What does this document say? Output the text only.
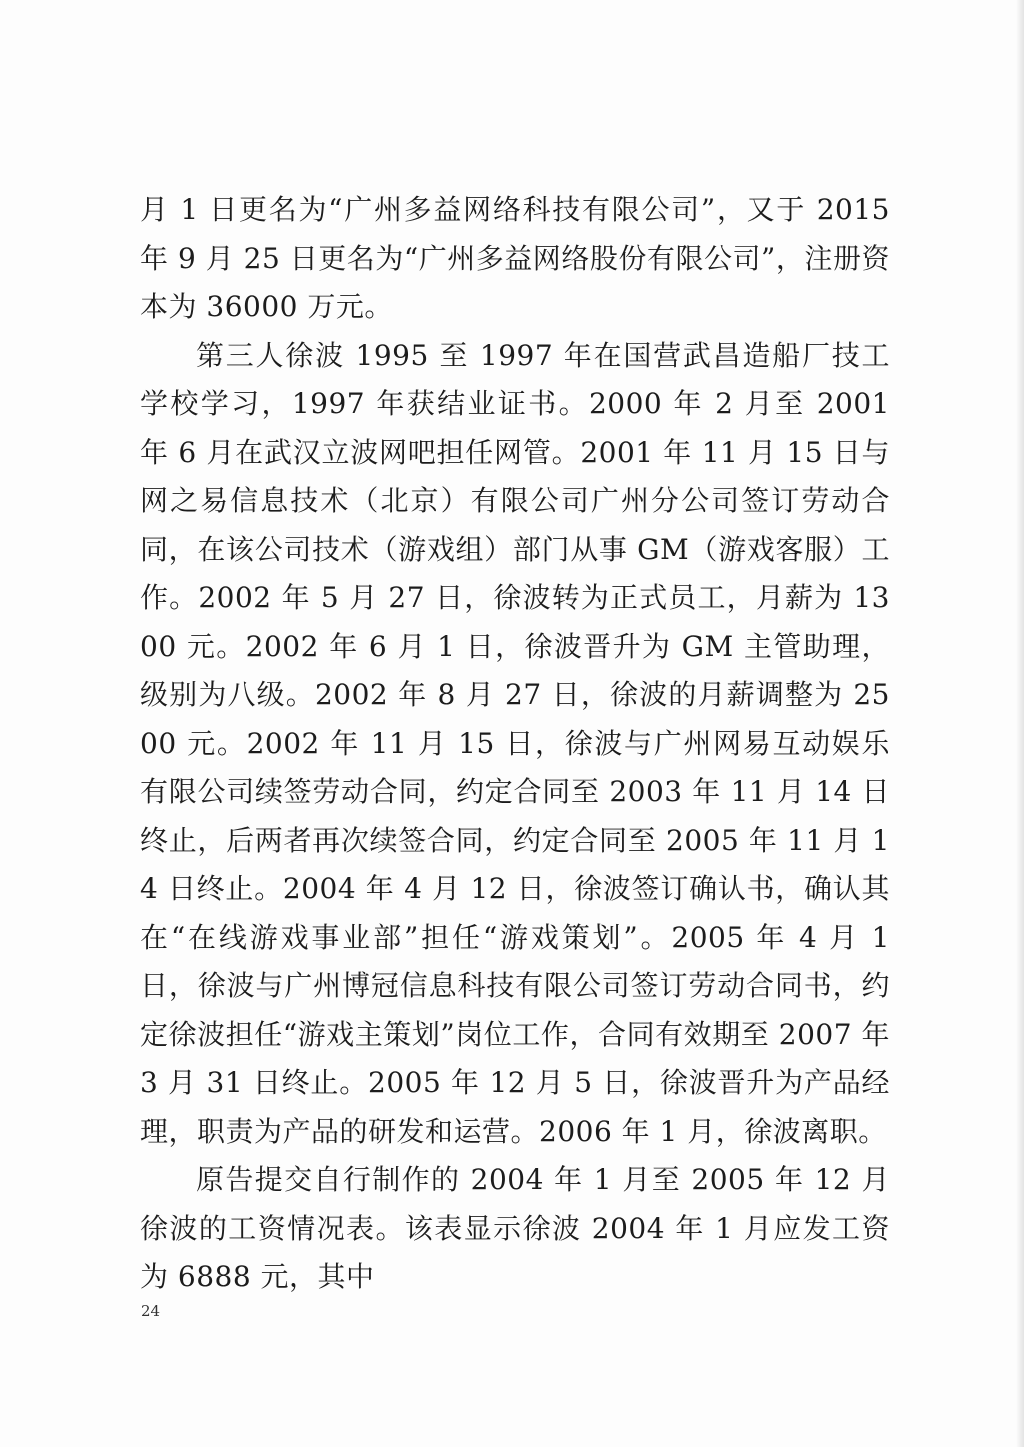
月 1 日更名为“广州多益网络科技有限公司”，又于 2015 年 9 月 25 日更名为“广州多益网络股份有限公司”，注册资本为 36000 万元。

第三人徐波 1995 至 1997 年在国营武昌造船厂技工学校学习，1997 年获结业证书。2000 年 2 月至 2001 年 6 月在武汉立波网吧担任网管。2001 年 11 月 15 日与网之易信息技术（北京）有限公司广州分公司签订劳动合同，在该公司技术（游戏组）部门从事 GM（游戏客服）工作。2002 年 5 月 27 日，徐波转为正式员工，月薪为 1300 元。2002 年 6 月 1 日，徐波晋升为 GM 主管助理，级别为八级。2002 年 8 月 27 日，徐波的月薪调整为 2500 元。2002 年 11 月 15 日，徐波与广州网易互动娱乐有限公司续签劳动合同，约定合同至 2003 年 11 月 14 日终止，后两者再次续签合同，约定合同至 2005 年 11 月 14 日终止。2004 年 4 月 12 日，徐波签订确认书，确认其在“在线游戏事业部”担任“游戏策划”。2005 年 4 月 1 日，徐波与广州博冠信息科技有限公司签订劳动合同书，约定徐波担任“游戏主策划”岗位工作，合同有效期至 2007 年 3 月 31 日终止。2005 年 12 月 5 日，徐波晋升为产品经理，职责为产品的研发和运营。2006 年 1 月，徐波离职。

原告提交自行制作的 2004 年 1 月至 2005 年 12 月徐波的工资情况表。该表显示徐波 2004 年 1 月应发工资为 6888 元，其中

24
